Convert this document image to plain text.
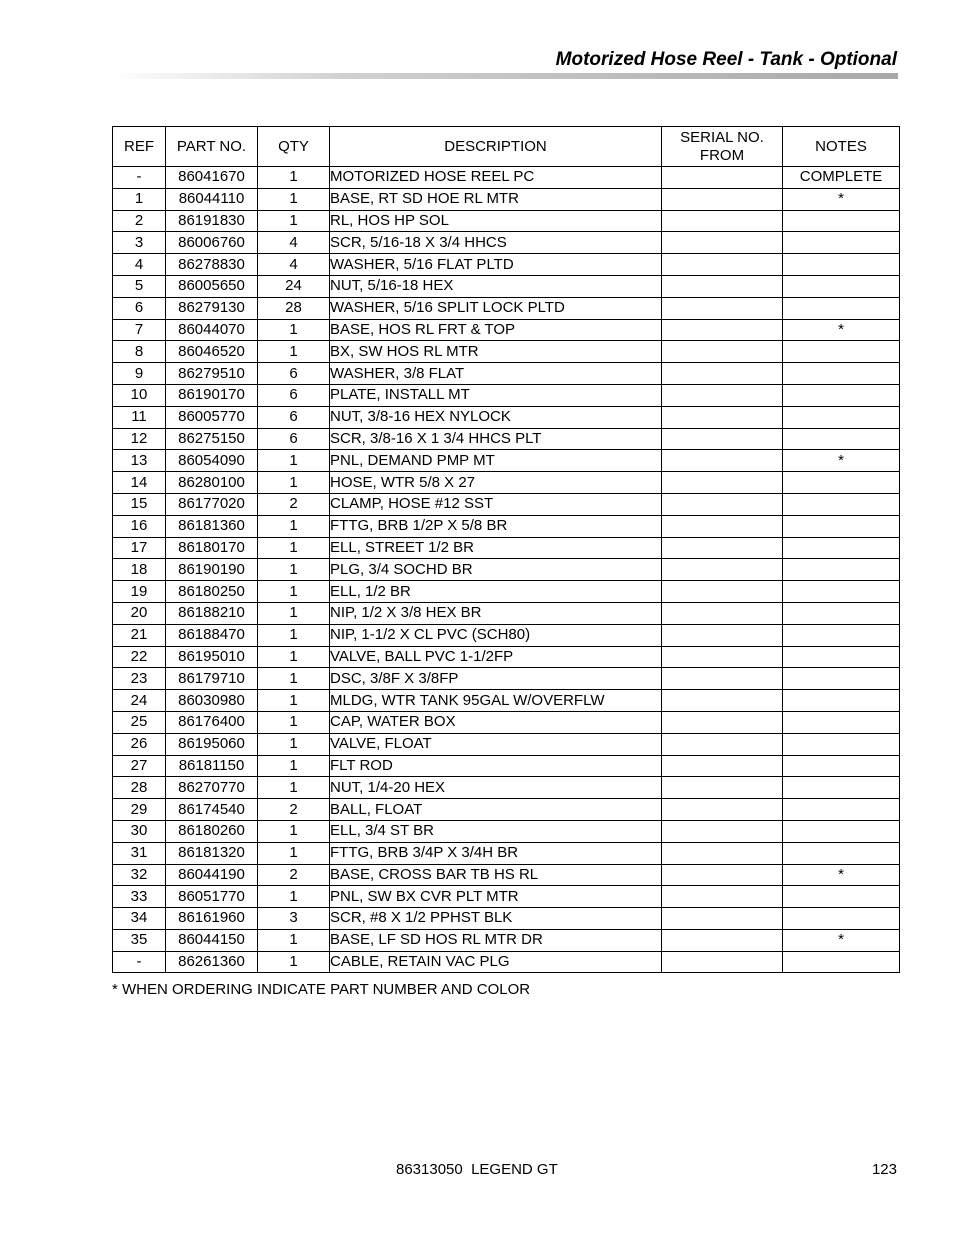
Motorized Hose Reel - Tank - Optional
REF	PART NO.	QTY	DESCRIPTION	SERIAL NO. FROM	NOTES
-	86041670	1	MOTORIZED HOSE REEL PC		COMPLETE
1	86044110	1	BASE, RT SD HOE RL MTR		*
2	86191830	1	RL, HOS HP SOL		
3	86006760	4	SCR, 5/16-18 X 3/4 HHCS		
4	86278830	4	WASHER, 5/16 FLAT PLTD		
5	86005650	24	NUT, 5/16-18 HEX		
6	86279130	28	WASHER, 5/16 SPLIT LOCK PLTD		
7	86044070	1	BASE, HOS RL FRT & TOP		*
8	86046520	1	BX, SW HOS RL MTR		
9	86279510	6	WASHER, 3/8 FLAT		
10	86190170	6	PLATE, INSTALL MT		
11	86005770	6	NUT, 3/8-16 HEX NYLOCK		
12	86275150	6	SCR, 3/8-16 X 1 3/4 HHCS PLT		
13	86054090	1	PNL, DEMAND PMP MT		*
14	86280100	1	HOSE, WTR 5/8 X 27		
15	86177020	2	CLAMP, HOSE #12 SST		
16	86181360	1	FTTG, BRB 1/2P X 5/8 BR		
17	86180170	1	ELL, STREET 1/2 BR		
18	86190190	1	PLG, 3/4 SOCHD BR		
19	86180250	1	ELL, 1/2 BR		
20	86188210	1	NIP, 1/2 X 3/8 HEX BR		
21	86188470	1	NIP, 1-1/2 X CL PVC (SCH80)		
22	86195010	1	VALVE, BALL PVC 1-1/2FP		
23	86179710	1	DSC, 3/8F X 3/8FP		
24	86030980	1	MLDG, WTR TANK 95GAL W/OVERFLW		
25	86176400	1	CAP, WATER BOX		
26	86195060	1	VALVE, FLOAT		
27	86181150	1	FLT ROD		
28	86270770	1	NUT, 1/4-20 HEX		
29	86174540	2	BALL, FLOAT		
30	86180260	1	ELL, 3/4 ST BR		
31	86181320	1	FTTG, BRB 3/4P X 3/4H BR		
32	86044190	2	BASE, CROSS BAR TB HS RL		*
33	86051770	1	PNL, SW BX CVR PLT MTR		
34	86161960	3	SCR, #8 X 1/2 PPHST BLK		
35	86044150	1	BASE, LF SD HOS RL MTR DR		*
-	86261360	1	CABLE, RETAIN VAC PLG		
* WHEN ORDERING INDICATE PART NUMBER AND COLOR
86313050  LEGEND GT	123
